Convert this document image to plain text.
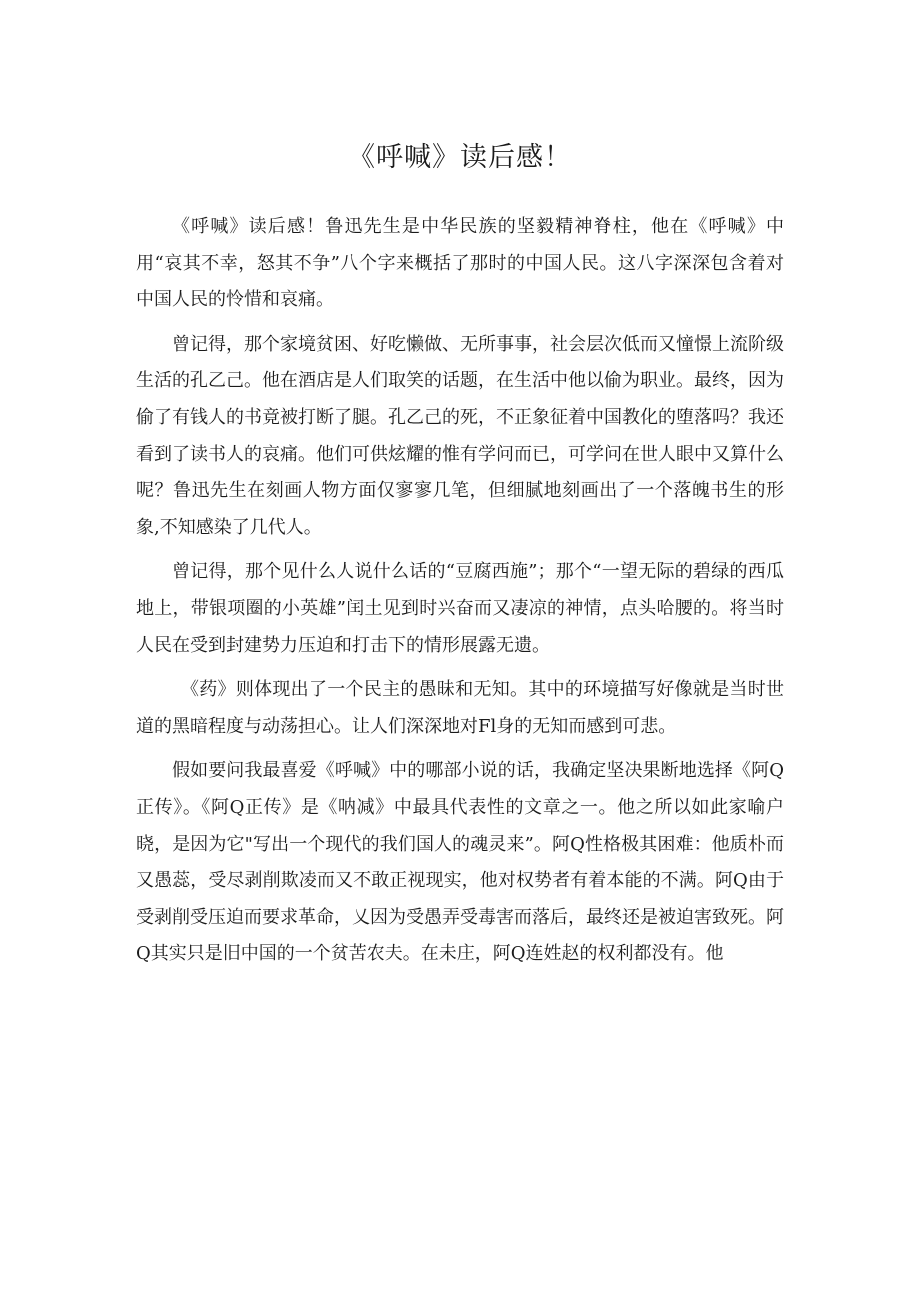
《呼喊》读后感！

《呼喊》读后感！鲁迅先生是中华民族的坚毅精神脊柱，他在《呼喊》中用“哀其不幸，怒其不争”八个字来概括了那时的中国人民。这八字深深包含着对中国人民的怜惜和哀痛。

曾记得，那个家境贫困、好吃懒做、无所事事，社会层次低而又憧憬上流阶级生活的孔乙己。他在酒店是人们取笑的话题，在生活中他以偷为职业。最终，因为偷了有钱人的书竟被打断了腿。孔乙己的死，不正象征着中国教化的堕落吗？我还看到了读书人的哀痛。他们可供炫耀的惟有学问而已，可学问在世人眼中又算什么呢？鲁迅先生在刻画人物方面仅寥寥几笔，但细腻地刻画出了一个落魄书生的形象,不知感染了几代人。

曾记得，那个见什么人说什么话的“豆腐西施”；那个“一望无际的碧绿的西瓜地上，带银项圈的小英雄”闰土见到时兴奋而又凄凉的神情，点头哈腰的。将当时人民在受到封建势力压迫和打击下的情形展露无遗。

《药》则体现出了一个民主的愚昧和无知。其中的环境描写好像就是当时世道的黑暗程度与动荡担心。让人们深深地对Fl身的无知而感到可悲。

假如要问我最喜爱《呼喊》中的哪部小说的话，我确定坚决果断地选择《阿Q正传》。《阿Q正传》是《呐减》中最具代表性的文章之一。他之所以如此家喻户晓，是因为它"写出一个现代的我们国人的魂灵来”。阿Q性格极其困难：他质朴而又愚蕊，受尽剥削欺凌而又不敢正视现实，他对权势者有着本能的不满。阿Q由于受剥削受压迫而要求革命，乂因为受愚弄受毒害而落后，最终还是被迫害致死。阿Q其实只是旧中国的一个贫苦农夫。在未庄，阿Q连姓赵的权利都没有。他
